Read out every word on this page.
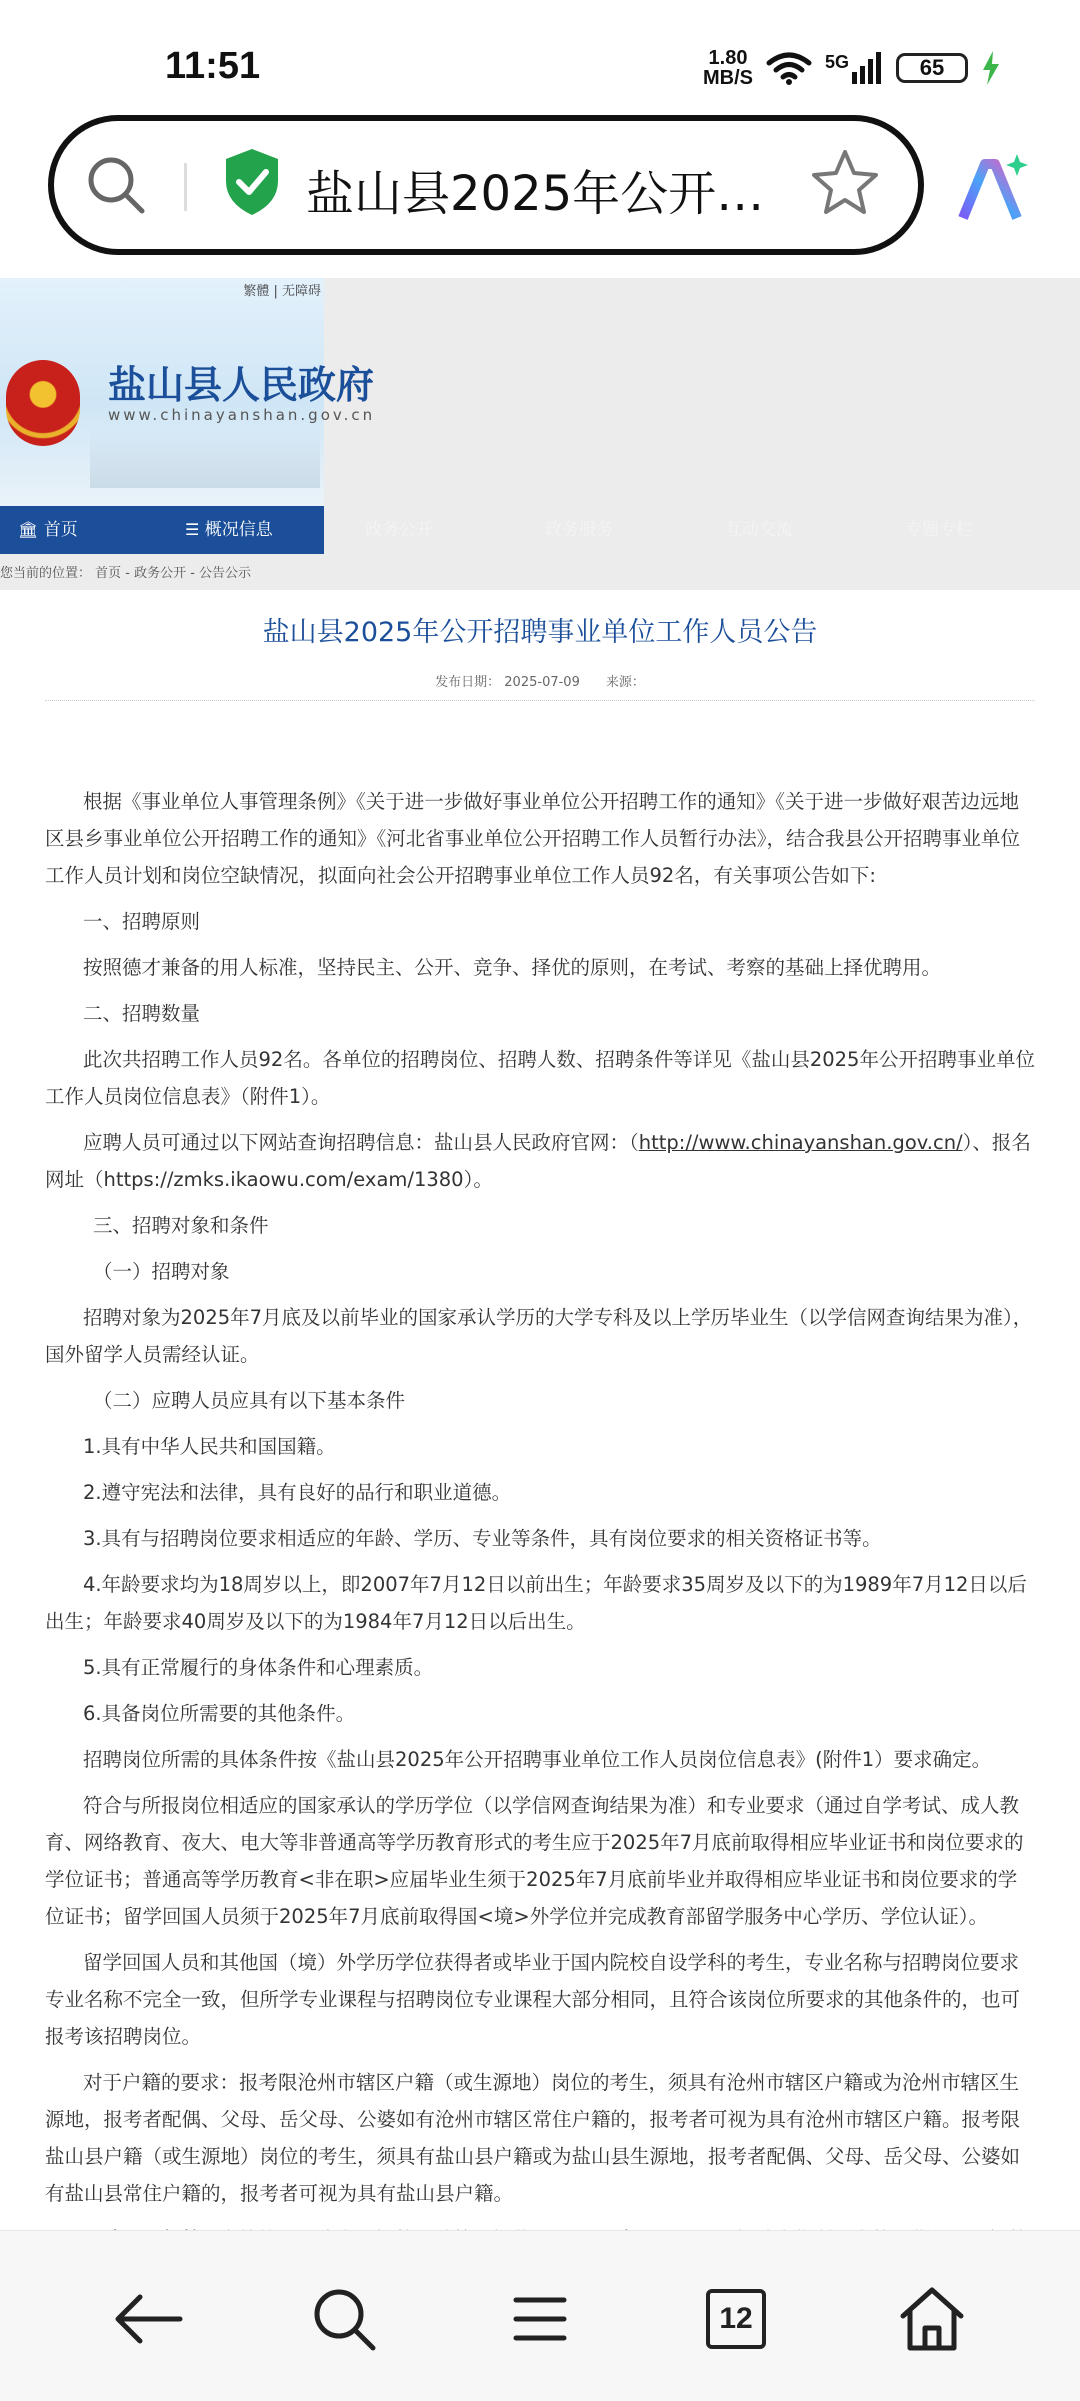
11:51	1.80
MB/S
5G	65
盐山县2025年公开…
繁體 | 无障碍
盐山县人民政府
www.chinayanshan.gov.cn
🏛︎ 首页	☰ 概况信息	政务公开	政务服务	互动交流	专题专栏
您当前的位置： 首页 - 政务公开 - 公告公示
盐山县2025年公开招聘事业单位工作人员公告
发布日期： 2025-07-09　　来源：

根据《事业单位人事管理条例》《关于进一步做好事业单位公开招聘工作的通知》《关于进一步做好艰苦边远地区县乡事业单位公开招聘工作的通知》《河北省事业单位公开招聘工作人员暂行办法》，结合我县公开招聘事业单位工作人员计划和岗位空缺情况，拟面向社会公开招聘事业单位工作人员92名，有关事项公告如下:

一、招聘原则

按照德才兼备的用人标准，坚持民主、公开、竞争、择优的原则，在考试、考察的基础上择优聘用。

二、招聘数量

此次共招聘工作人员92名。各单位的招聘岗位、招聘人数、招聘条件等详见《盐山县2025年公开招聘事业单位工作人员岗位信息表》（附件1）。

应聘人员可通过以下网站查询招聘信息：盐山县人民政府官网：（http://www.chinayanshan.gov.cn/）、报名网址（https://zmks.ikaowu.com/exam/1380）。

三、招聘对象和条件

（一）招聘对象

招聘对象为2025年7月底及以前毕业的国家承认学历的大学专科及以上学历毕业生（以学信网查询结果为准），国外留学人员需经认证。

（二）应聘人员应具有以下基本条件

1.具有中华人民共和国国籍。

2.遵守宪法和法律，具有良好的品行和职业道德。

3.具有与招聘岗位要求相适应的年龄、学历、专业等条件，具有岗位要求的相关资格证书等。

4.年龄要求均为18周岁以上，即2007年7月12日以前出生；年龄要求35周岁及以下的为1989年7月12日以后出生；年龄要求40周岁及以下的为1984年7月12日以后出生。

5.具有正常履行的身体条件和心理素质。

6.具备岗位所需要的其他条件。

招聘岗位所需的具体条件按《盐山县2025年公开招聘事业单位工作人员岗位信息表》(附件1）要求确定。

符合与所报岗位相适应的国家承认的学历学位（以学信网查询结果为准）和专业要求（通过自学考试、成人教育、网络教育、夜大、电大等非普通高等学历教育形式的考生应于2025年7月底前取得相应毕业证书和岗位要求的学位证书；普通高等学历教育<非在职>应届毕业生须于2025年7月底前毕业并取得相应毕业证书和岗位要求的学位证书；留学回国人员须于2025年7月底前取得国<境>外学位并完成教育部留学服务中心学历、学位认证）。

留学回国人员和其他国（境）外学历学位获得者或毕业于国内院校自设学科的考生，专业名称与招聘岗位要求专业名称不完全一致，但所学专业课程与招聘岗位专业课程大部分相同，且符合该岗位所要求的其他条件的，也可报考该招聘岗位。

对于户籍的要求：报考限沧州市辖区户籍（或生源地）岗位的考生，须具有沧州市辖区户籍或为沧州市辖区生源地，报考者配偶、父母、岳父母、公婆如有沧州市辖区常住户籍的，报考者可视为具有沧州市辖区户籍。报考限盐山县户籍（或生源地）岗位的考生，须具有盐山县户籍或为盐山县生源地，报考者配偶、父母、岳父母、公婆如有盐山县常住户籍的，报考者可视为具有盐山县户籍。

12
